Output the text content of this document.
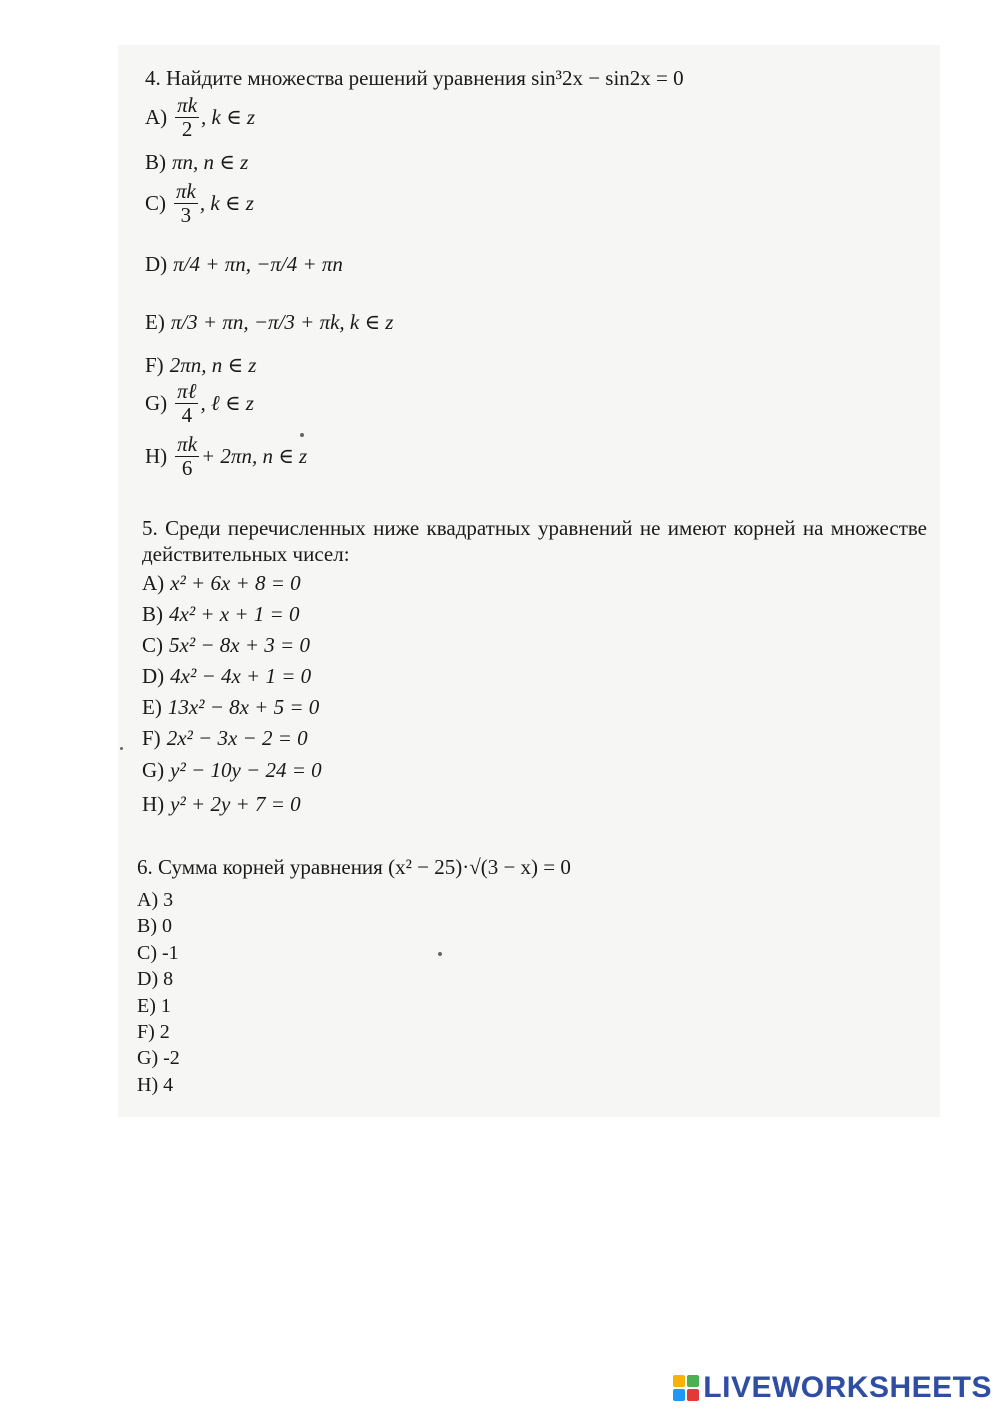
4. Найдите множества решений уравнения sin³2x − sin2x = 0
$A) \frac{\pi k}{2}$ , k ∈ z
B) πn, n ∈ z
$C) \frac{\pi k}{3}$ , k ∈ z
D) π/4 + πn, −π/4 + πn
E) π/3 + πn, −π/3 + πk, k ∈ z
F) 2πn, n ∈ z
$G) \frac{\text{πℓ}}{4}$ , ℓ ∈ z
$H) \frac{\pi k}{6} + 2\pi n$, n ∈ z
5. Среди перечисленных ниже квадратных уравнений не имеют корней на множестве действительных чисел:
A) x² + 6x + 8 = 0
B) 4x² + x + 1 = 0
C) 5x² − 8x + 3 = 0
D) 4x² − 4x + 1 = 0
E) 13x² − 8x + 5 = 0
F) 2x² − 3x − 2 = 0
G) y² − 10y − 24 = 0
H) y² + 2y + 7 = 0
6. Сумма корней уравнения (x² − 25)·√(3 − x) = 0
A) 3
B) 0
C) -1
D) 8
E) 1
F) 2
G) -2
H) 4
LIVEWORKSHEETS
